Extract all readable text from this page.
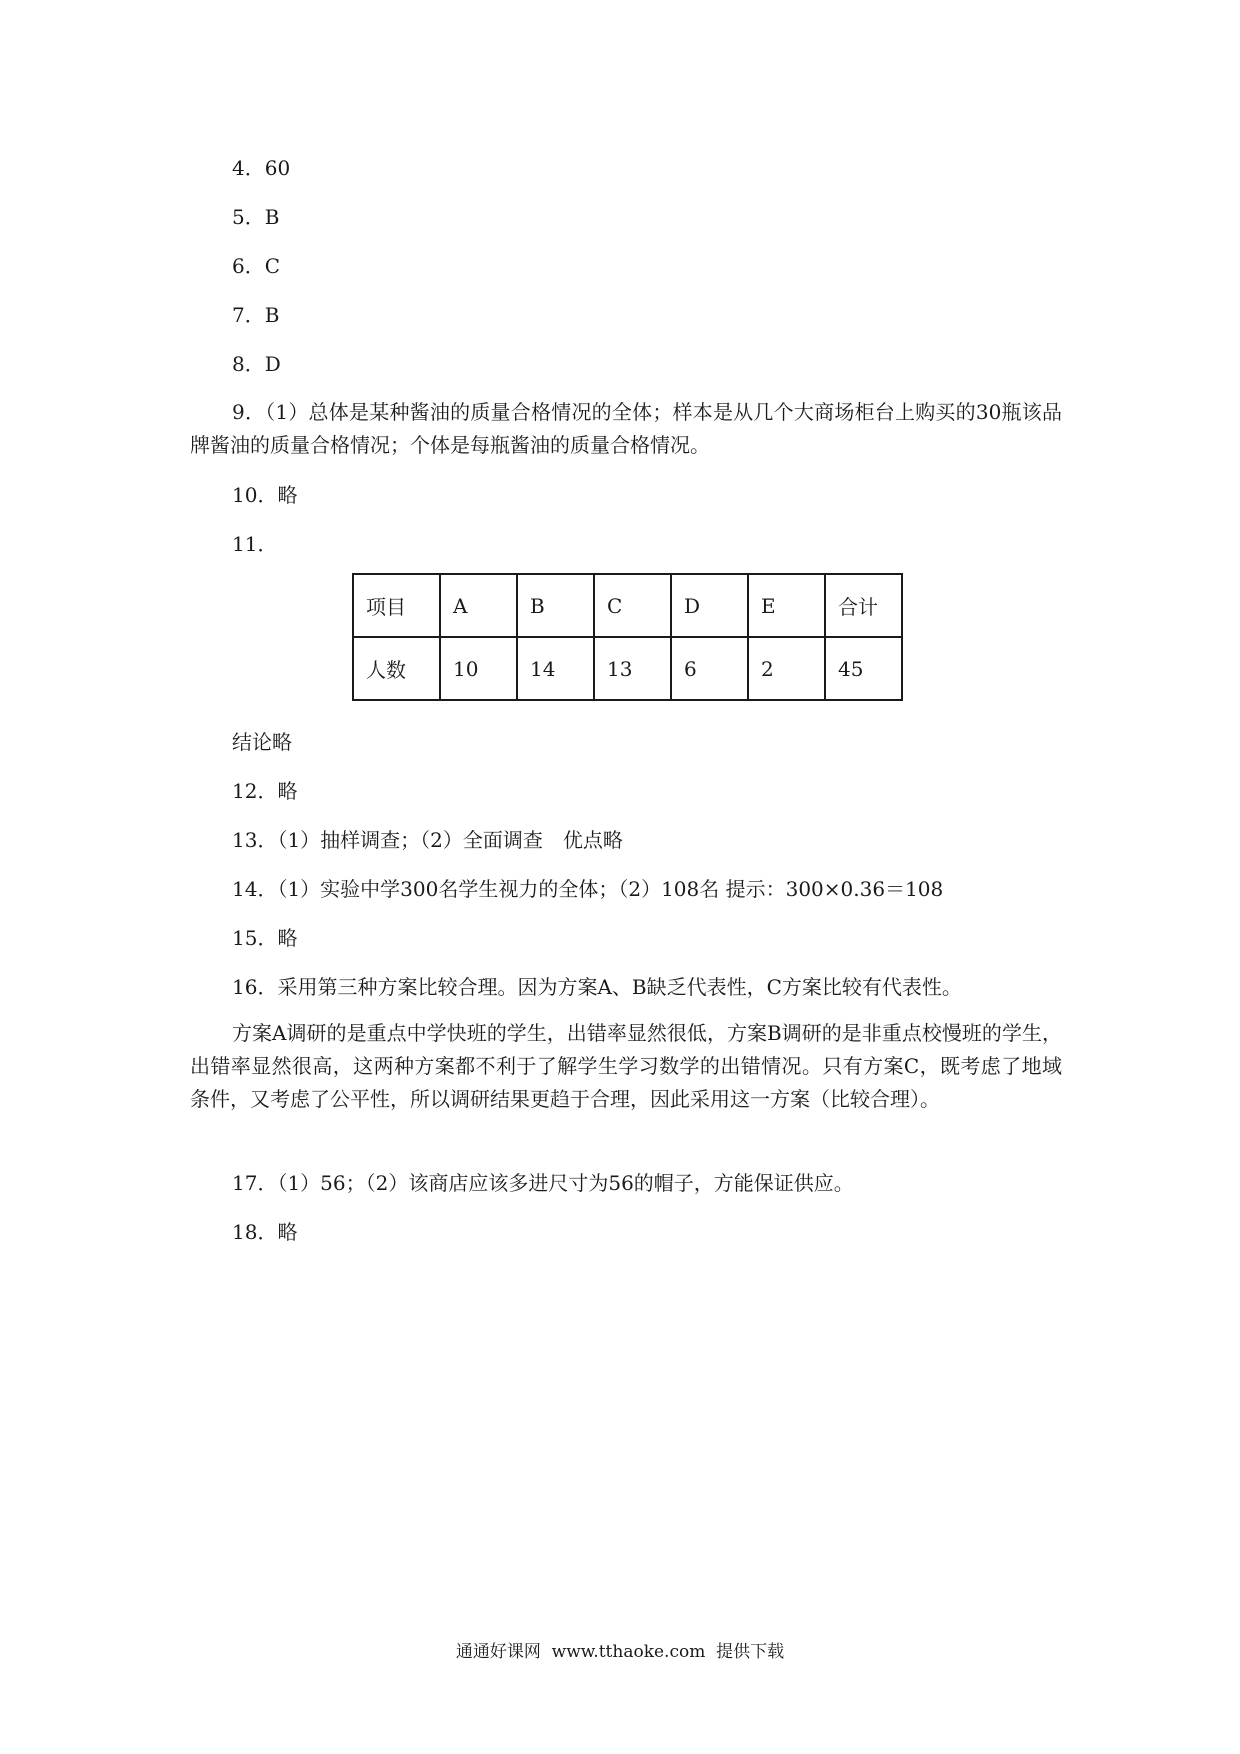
4．60
5．B
6．C
7．B
8．D
9．（1）总体是某种酱油的质量合格情况的全体；样本是从几个大商场柜台上购买的30瓶该品牌酱油的质量合格情况；个体是每瓶酱油的质量合格情况。
10．略
11．
项目	A	B	C	D	E	合计
人数	10	14	13	6	2	45
结论略
12．略
13．（1）抽样调查；（2）全面调查　优点略
14．（1）实验中学300名学生视力的全体；（2）108名 提示：300×0.36＝108
15．略
16．采用第三种方案比较合理。因为方案A、B缺乏代表性，C方案比较有代表性。
方案A调研的是重点中学快班的学生，出错率显然很低，方案B调研的是非重点校慢班的学生，出错率显然很高，这两种方案都不利于了解学生学习数学的出错情况。只有方案C，既考虑了地域条件，又考虑了公平性，所以调研结果更趋于合理，因此采用这一方案（比较合理）。
17．（1）56；（2）该商店应该多进尺寸为56的帽子，方能保证供应。
18．略
通通好课网  www.tthaoke.com  提供下载
